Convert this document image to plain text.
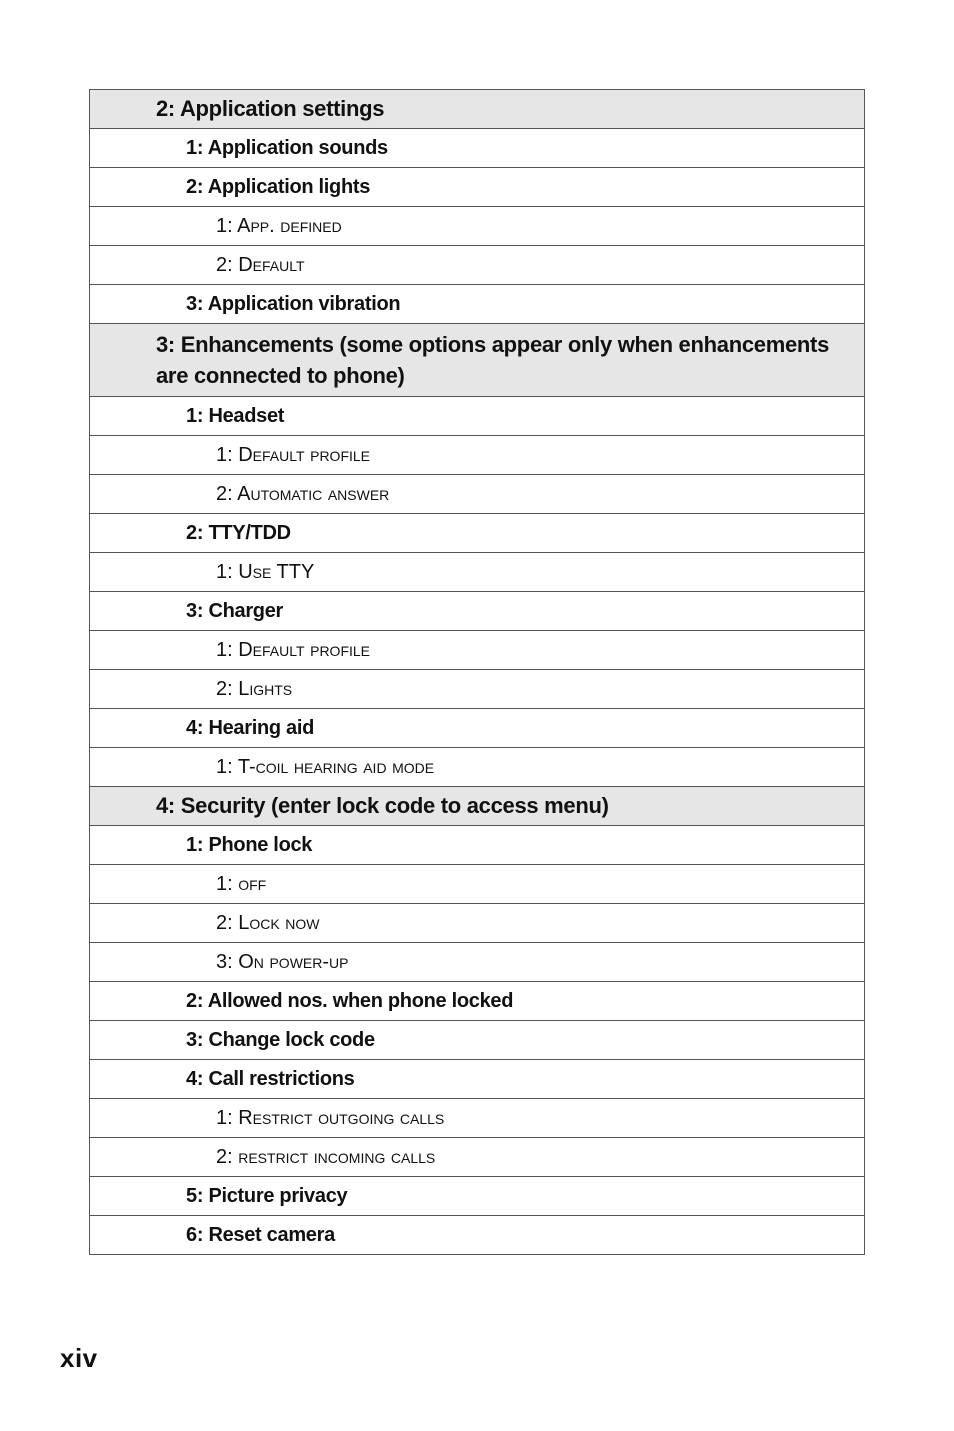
2: Application settings

1: Application sounds

2: Application lights

1: App. defined

2: Default

3: Application vibration

3: Enhancements (some options appear only when enhancements are connected to phone)

1: Headset

1: Default profile

2: Automatic answer

2: TTY/TDD

1: Use TTY

3: Charger

1: Default profile

2: Lights

4: Hearing aid

1: T-coil hearing aid mode

4: Security (enter lock code to access menu)

1: Phone lock

1: off

2: Lock now

3: On power-up

2: Allowed nos. when phone locked

3: Change lock code

4: Call restrictions

1: Restrict outgoing calls

2: restrict incoming calls

5: Picture privacy

6: Reset camera
xiv
